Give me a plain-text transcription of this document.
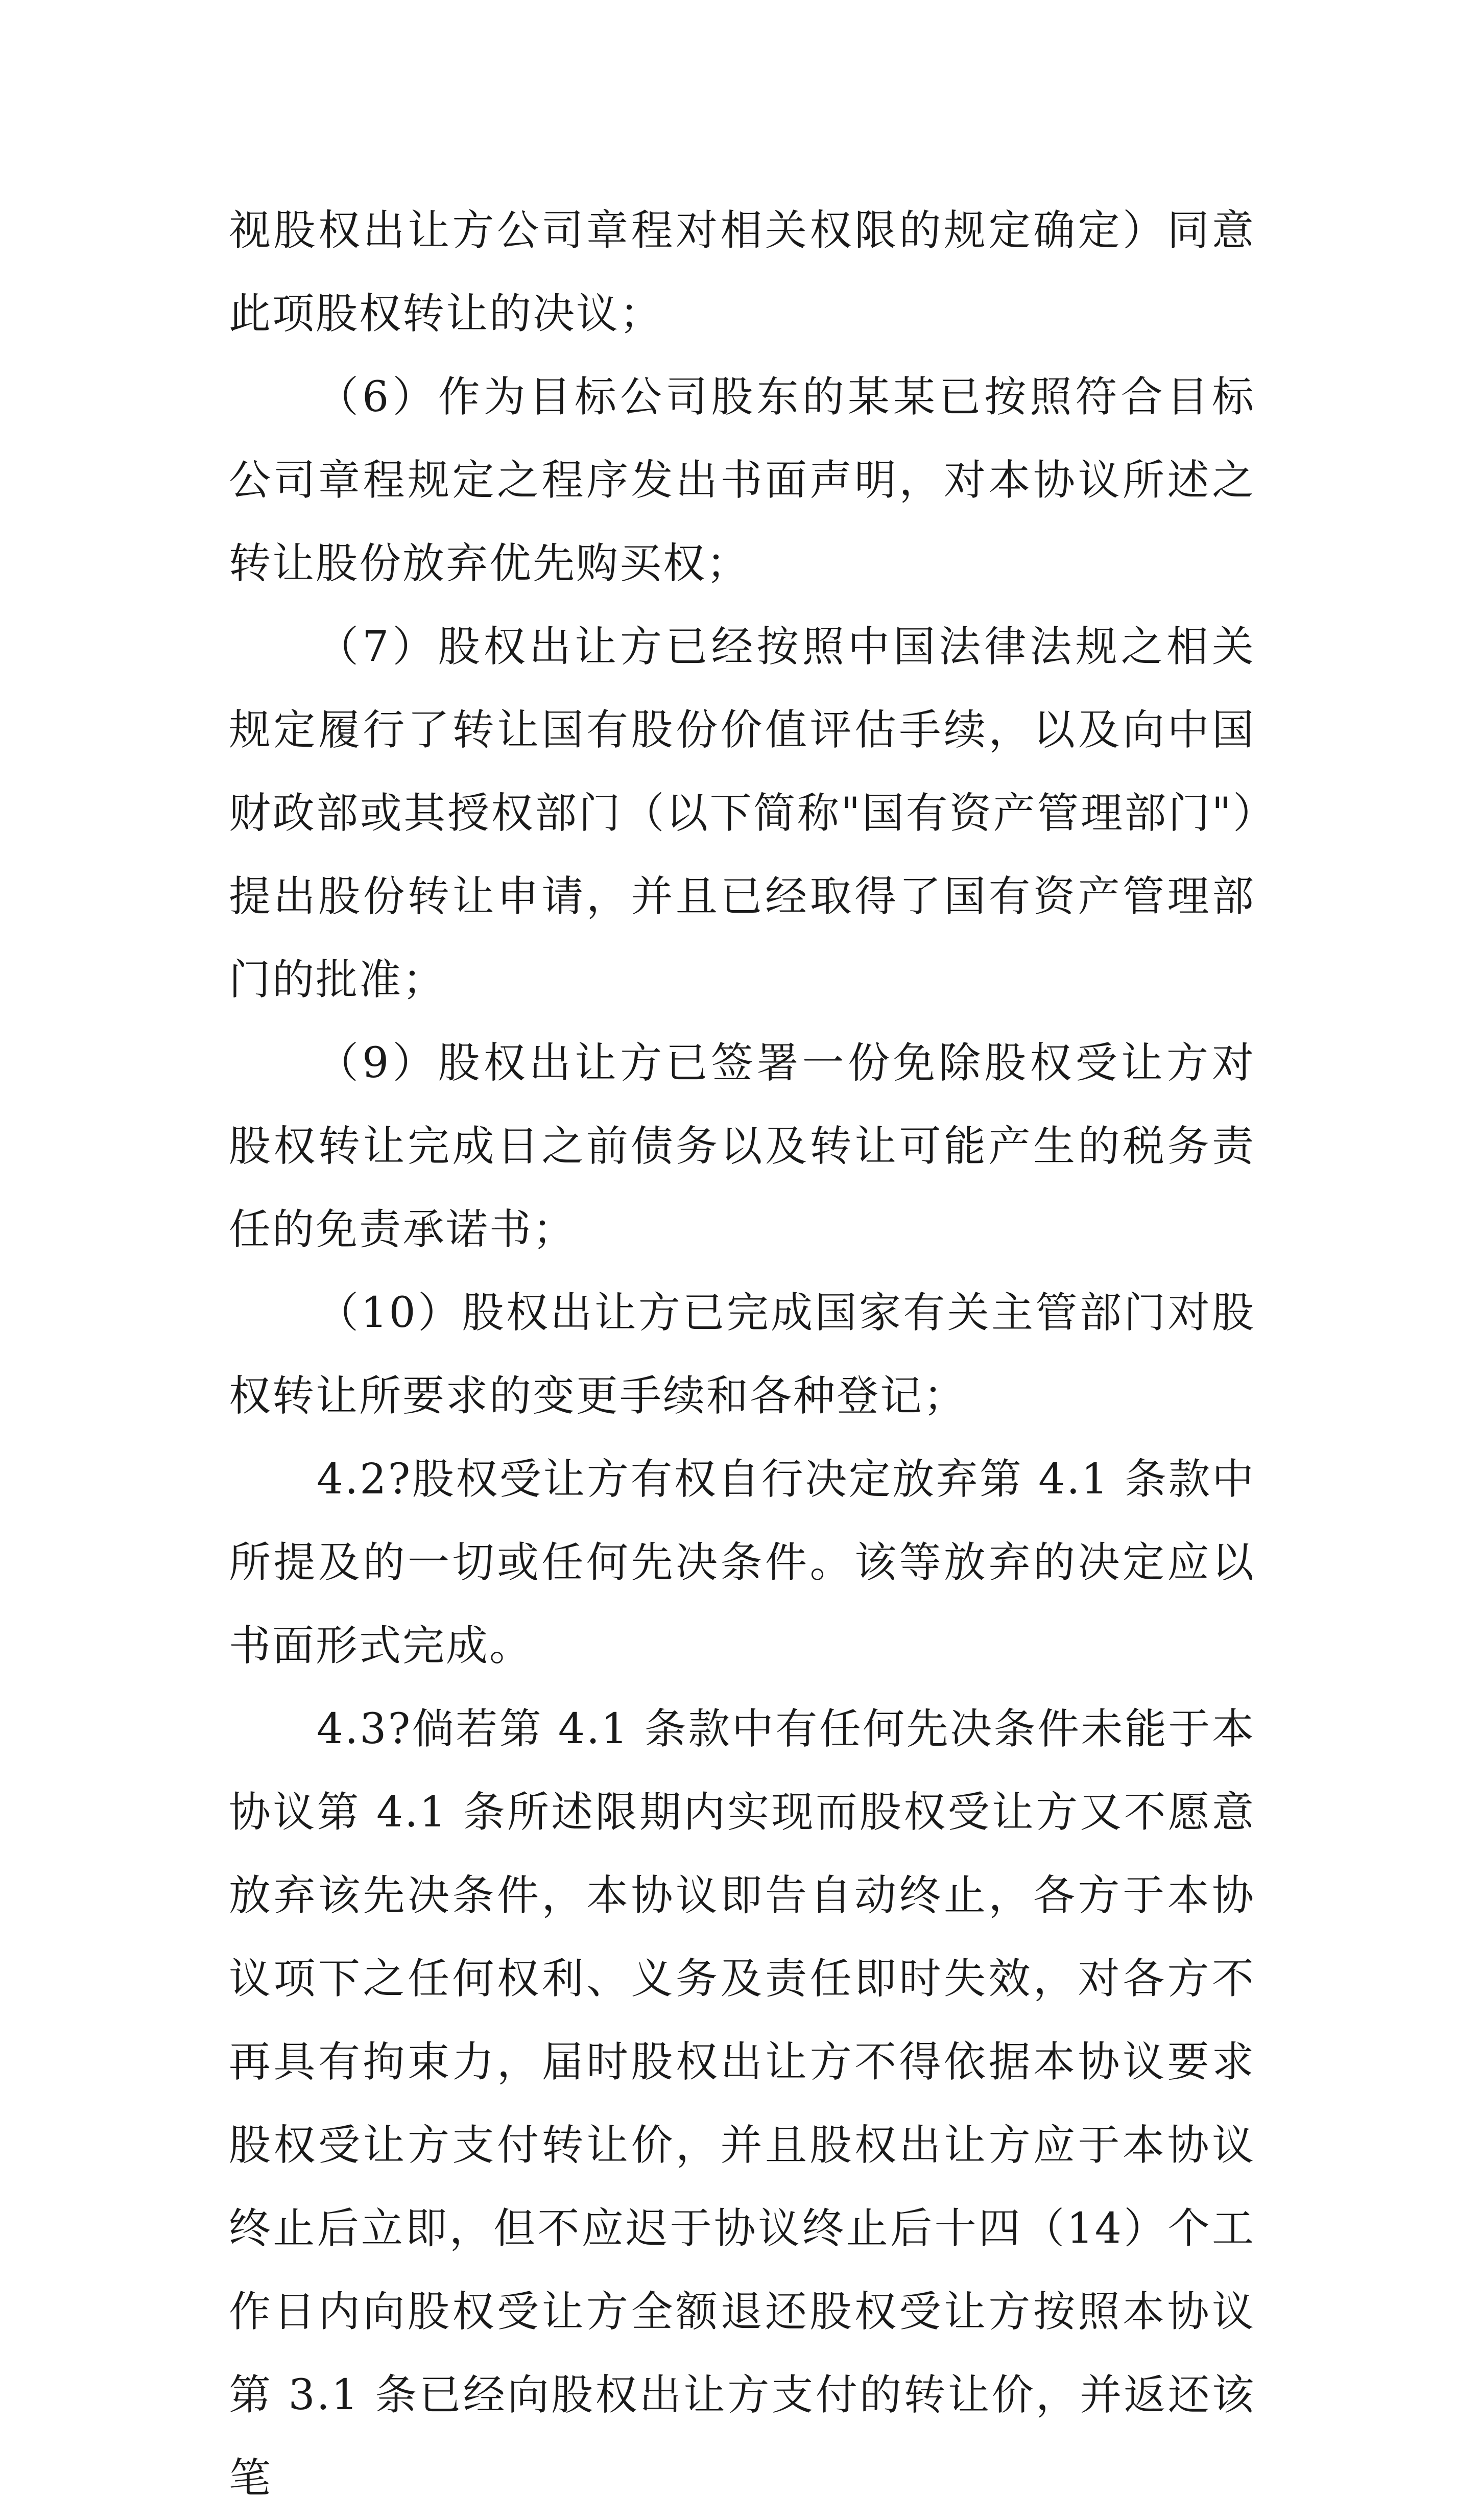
视股权出让方公司章程对相关权限的规定确定）同意此项股权转让的决议；

（6）作为目标公司股东的某某已按照符合目标公司章程规定之程序发出书面声明，对本协议所述之转让股份放弃优先购买权；

（7）股权出让方已经按照中国法律法规之相关规定履行了转让国有股份价值评估手续，以及向中国财政部或其授权部门（以下简称"国有资产管理部门"）提出股份转让申请，并且已经取得了国有资产管理部门的批准；

（9）股权出让方已签署一份免除股权受让方对股权转让完成日之前债务以及转让可能产生的税务责任的免责承诺书；

（10）股权出让方已完成国家有关主管部门对股权转让所要求的变更手续和各种登记；

4.2?股权受让方有权自行决定放弃第 4.1 条款中所提及的一切或任何先决条件。该等放弃的决定应以书面形式完成。

4.3?倘若第 4.1 条款中有任何先决条件未能于本协议第 4.1 条所述限期内实现而股权受让方又不愿意放弃该先决条件，本协议即告自动终止，各方于本协议项下之任何权利、义务及责任即时失效，对各方不再具有拘束力，届时股权出让方不得依据本协议要求股权受让方支付转让价，并且股权出让方应于本协议终止后立即，但不应迟于协议终止后十四（14）个工作日内向股权受让方全额退还股权受让方按照本协议第 3.1 条已经向股权出让方支付的转让价，并返还该笔
